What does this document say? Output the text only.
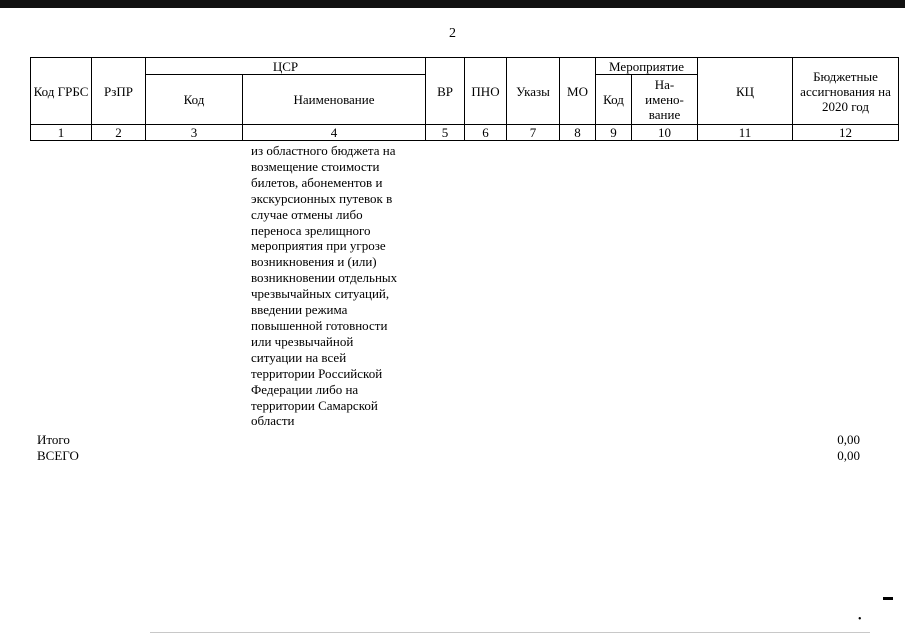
2
Код ГРБС	РзПР	ЦСР		ВР	ПНО	Указы	МО	Мероприятие		КЦ	Бюджетные ассигнования на 2020 год
		Код	Наименование					Код	На-
имено-
вание		
1	2	3	4	5	6	7	8	9	10	11	12
из областного бюджета на
возмещение стоимости
билетов, абонементов и
экскурсионных путевок в
случае отмены либо
переноса зрелищного
мероприятия при угрозе
возникновения и (или)
возникновении отдельных
чрезвычайных ситуаций,
введении режима
повышенной готовности
или чрезвычайной
ситуации на всей
территории Российской
Федерации либо на
территории Самарской
области
Итого	0,00
ВСЕГО	0,00
▬
•
